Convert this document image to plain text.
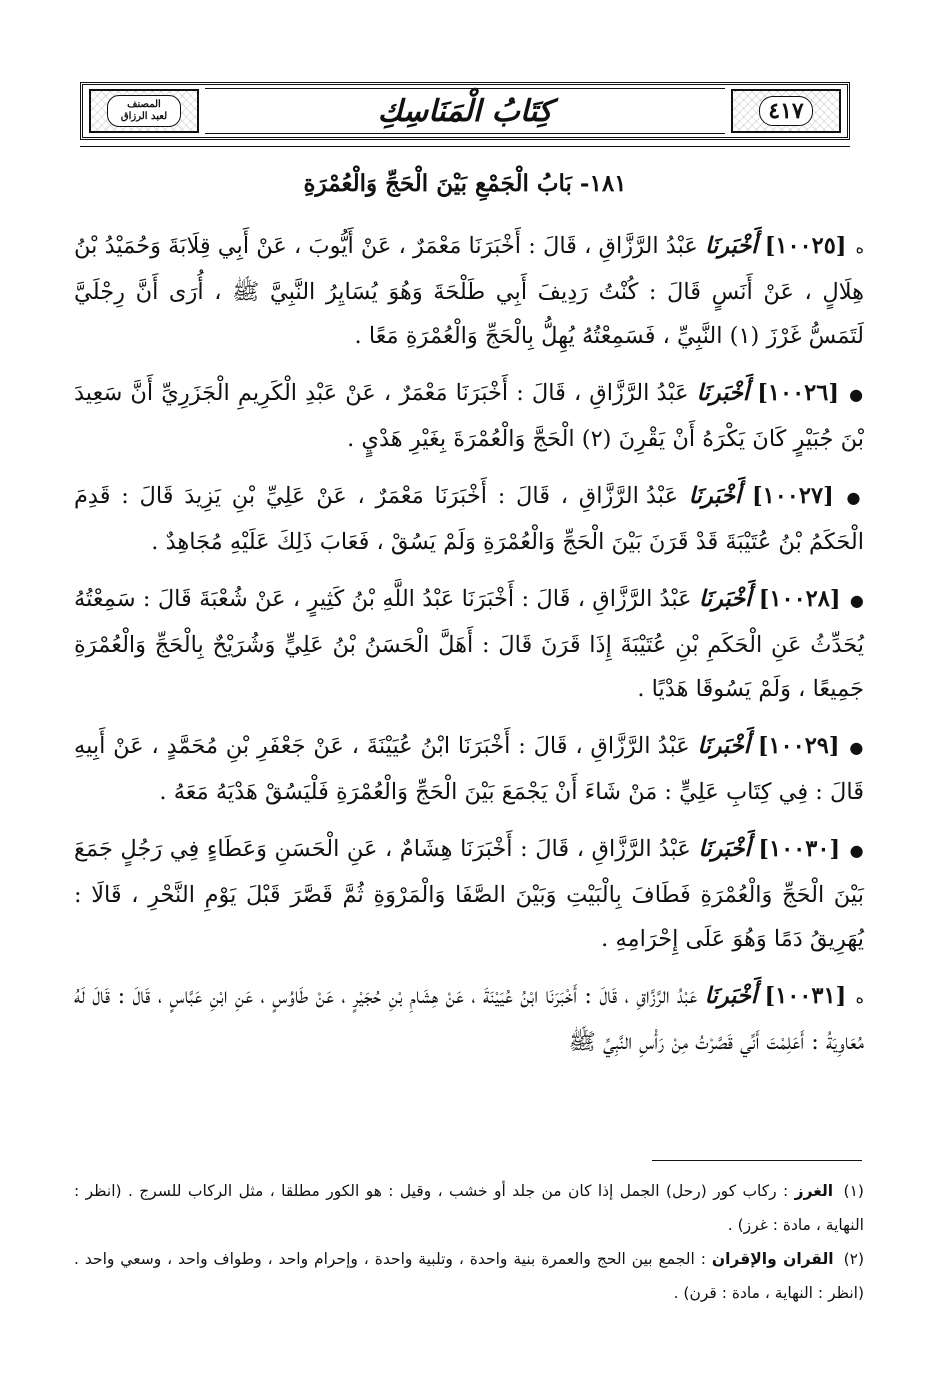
٤١٧
كِتَابُ الْمَنَاسِكِ
المصنف
لعبد الرزاق
١٨١- بَابُ الْجَمْعِ بَيْنَ الْحَجِّ وَالْعُمْرَةِ

ه [١٠٠٢٥] أَخْبَرنَا عَبْدُ الرَّزَّاقِ ، قَالَ : أَخْبَرَنَا مَعْمَرٌ ، عَنْ أَيُّوبَ ، عَنْ أَبِي قِلَابَةَ وَحُمَيْدُ بْنُ هِلَالٍ ، عَنْ أَنَسٍ قَالَ : كُنْتُ رَدِيفَ أَبِي طَلْحَةَ وَهُوَ يُسَايِرُ النَّبِيَّ ﷺ ، أُرَى أَنَّ رِجْلَيَّ لَتَمَسُّ غَرْزَ (١) النَّبِيِّ ، فَسَمِعْتُهُ يُهِلُّ بِالْحَجِّ وَالْعُمْرَةِ مَعًا .

● [١٠٠٢٦] أَخْبَرنَا عَبْدُ الرَّزَّاقِ ، قَالَ : أَخْبَرَنَا مَعْمَرٌ ، عَنْ عَبْدِ الْكَرِيمِ الْجَزَرِيِّ أَنَّ سَعِيدَ بْنَ جُبَيْرٍ كَانَ يَكْرَهُ أَنْ يَقْرِنَ (٢) الْحَجَّ وَالْعُمْرَةَ بِغَيْرِ هَدْيٍ .

● [١٠٠٢٧] أَخْبَرنَا عَبْدُ الرَّزَّاقِ ، قَالَ : أَخْبَرَنَا مَعْمَرٌ ، عَنْ عَلِيِّ بْنِ يَزِيدَ قَالَ : قَدِمَ الْحَكَمُ بْنُ عُتَيْبَةَ قَدْ قَرَنَ بَيْنَ الْحَجِّ وَالْعُمْرَةِ وَلَمْ يَسُقْ ، فَعَابَ ذَلِكَ عَلَيْهِ مُجَاهِدٌ .

● [١٠٠٢٨] أَخْبَرنَا عَبْدُ الرَّزَّاقِ ، قَالَ : أَخْبَرَنَا عَبْدُ اللَّهِ بْنُ كَثِيرٍ ، عَنْ شُعْبَةَ قَالَ : سَمِعْتُهُ يُحَدِّثُ عَنِ الْحَكَمِ بْنِ عُتَيْبَةَ إِذَا قَرَنَ قَالَ : أَهَلَّ الْحَسَنُ بْنُ عَلِيٍّ وَشُرَيْحٌ بِالْحَجِّ وَالْعُمْرَةِ جَمِيعًا ، وَلَمْ يَسُوقَا هَدْيًا .

● [١٠٠٢٩] أَخْبَرنَا عَبْدُ الرَّزَّاقِ ، قَالَ : أَخْبَرَنَا ابْنُ عُيَيْنَةَ ، عَنْ جَعْفَرِ بْنِ مُحَمَّدٍ ، عَنْ أَبِيهِ قَالَ : فِي كِتَابِ عَلِيٍّ : مَنْ شَاءَ أَنْ يَجْمَعَ بَيْنَ الْحَجِّ وَالْعُمْرَةِ فَلْيَسُقْ هَدْيَهُ مَعَهُ .

● [١٠٠٣٠] أَخْبَرنَا عَبْدُ الرَّزَّاقِ ، قَالَ : أَخْبَرَنَا هِشَامٌ ، عَنِ الْحَسَنِ وَعَطَاءٍ فِي رَجُلٍ جَمَعَ بَيْنَ الْحَجِّ وَالْعُمْرَةِ فَطَافَ بِالْبَيْتِ وَبَيْنَ الصَّفَا وَالْمَرْوَةِ ثُمَّ قَصَّرَ قَبْلَ يَوْمِ النَّحْرِ ، قَالَا : يُهَرِيقُ دَمًا وَهُوَ عَلَى إِحْرَامِهِ .

ه [١٠٠٣١] أَخْبَرنَا عَبْدُ الرَّزَّاقِ ، قَالَ : أَخْبَرَنَا ابْنُ عُيَيْنَةَ ، عَنْ هِشَامِ بْنِ حُجَيْرٍ ، عَنْ طَاوُسٍ ، عَنِ ابْنِ عَبَّاسٍ ، قَالَ : قَالَ لَهُ مُعَاوِيَةُ : أَعَلِمْتَ أَنِّي قَصَّرْتُ مِنْ رَأْسِ النَّبِيِّ ﷺ

(١) الغرز : ركاب كور (رحل) الجمل إذا كان من جلد أو خشب ، وقيل : هو الكور مطلقا ، مثل الركاب للسرج . (انظر : النهاية ، مادة : غرز) .

(٢) القران والإقران : الجمع بين الحج والعمرة بنية واحدة ، وتلبية واحدة ، وإحرام واحد ، وطواف واحد ، وسعي واحد . (انظر : النهاية ، مادة : قرن) .
